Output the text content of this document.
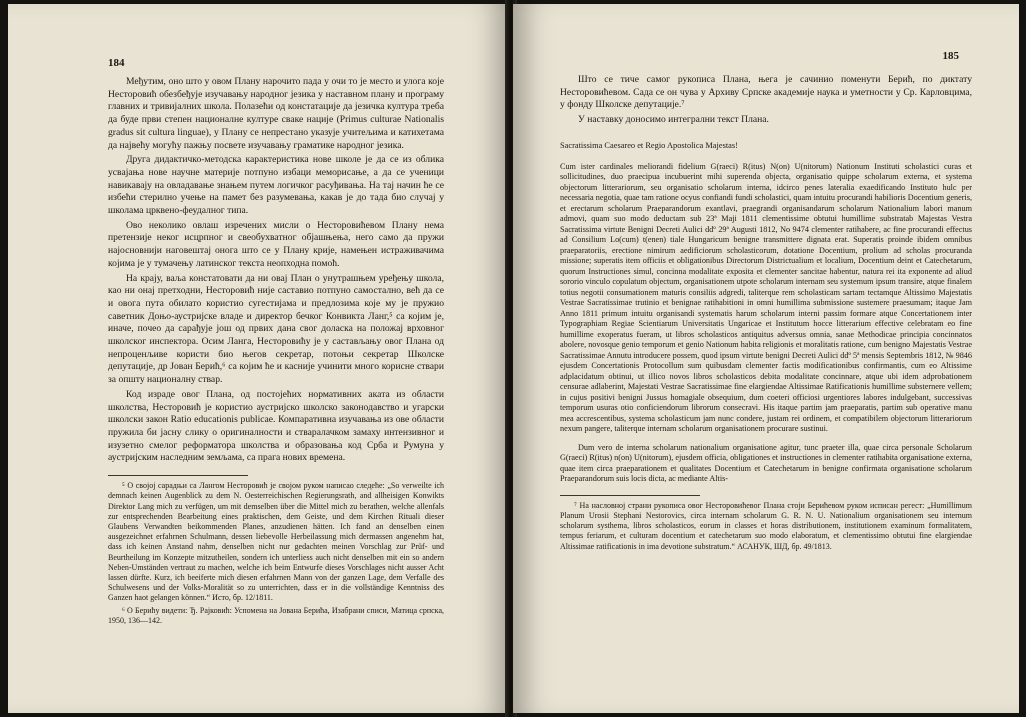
184

Међутим, оно што у овом Плану нарочито пада у очи то је место и улога које Несторовић обезбеђује изучавању народног језика у наставном плану и програму главних и тривијалних школа. Полазећи од констатације да језичка култура треба да буде први степен националне културе сваке нације (Primus culturae Nationalis gradus sit cultura linguae), у Плану се непрестано указује учитељима и катихетама да највећу могућу пажњу посвете изучавању граматике народног језика.

Друга дидактичко-методска карактеристика нове школе је да се из облика усвајања нове научне материје потпуно избаци меморисање, а да се ученици навикавају на овладавање знањем путем логичког расуђивања. На тај начин ће се избећи стерилно учење на памет без разумевања, какав је до тада био случај у школама црквено-феудалног типа.

Ово неколико овлаш изречених мисли о Несторовићевом Плану нема претензије неког исцрпног и свеобухватног објашњења, него само да пружи најосновнији наговештај онога што се у Плану крије, намењен истраживачима којима је у тумачењу латинског текста неопходна помоћ.

На крају, ваља констатовати да ни овај План о унутрашњем уређењу школа, као ни онај претходни, Несторовић није саставио потпуно самостално, већ да се и овога пута обилато користио сугестијама и предлозима које му је пружио саветник Доњо-аустријске владе и директор бечког Конвикта Ланг,⁵ са којим је, иначе, почео да сарађује још од првих дана свог доласка на положај врховног школског инспектора. Осим Ланга, Несторовићу је у састављању овог Плана од непроценљиве користи био његов секретар, потоњи секретар Школске депутације, др Јован Берић,⁶ са којим ће и касније учинити много корисне ствари за општу националну ствар.

Код израде овог Плана, од постојећих нормативних аката из области школства, Несторовић је користио аустријско школско законодавство и угарски школски закон Ratio educationis publicae. Компаративна изучавања из ове области пружила би јасну слику о оригиналности и стваралачком замаху интензивног и изузетно смелог реформатора школства и образовања код Срба и Румуна у аустријским наследним земљама, са прага нових времена.

⁵ О својој сарадњи са Лангом Несторовић је својом руком написао следеће: „So verweilte ich demnach keinen Augenblick zu dem N. Oesterreichischen Regierungsrath, and allheisigen Konwikts Direktor Lang mich zu verfügen, um mit demselben über die Mittel mich zu berathen, welche allenfals zur entsprechenden Bearbeitung eines praktischen, dem Geiste, und dem Kirchen Rituali dieser Glaubens Verwandten beikommenden Planes, anzudienen hätten. Ich fand an denselben einen ausgezeichnet erfahrnen Schulmann, dessen liebevolle Herbeilassung mich dermassen angenehm hat, dass ich keinen Anstand nahm, denselben nicht nur gedachten meinen Vorschlag zur Prüf- und Beurtheilung im Konzepte mitzutheilen, sondern ich unterliess auch nicht denselben mit ein so andern Neben-Umständen vertraut zu machen, welche ich beim Entwurfe dieses Vorschlages nicht ausser Acht lassen dürfte. Kurz, ich beeiferte mich diesen erfahrnen Mann von der ganzen Lage, dem Verfalle des Schulwesens und der Volks-Moralität so zu unterrichten, dass er in die vollständige Kenntniss des Ganzen haot gelangen können.“ Исто, бр. 12/1811.

⁶ О Берићу видети: Ђ. Рајковић: Успомена на Јована Берића, Изабрани списи, Матица српска, 1950, 136—142.

185

Што се тиче самог рукописа Плана, њега је сачинио поменути Берић, по диктату Несторовићевом. Сада се он чува у Архиву Српске академије наука и уметности у Ср. Карловцима, у фонду Школске депутације.⁷

У наставку доносимо интегрални текст Плана.

Sacratissima Caesareo et Regio Apostolica Majestas!

Cum ister cardinales meliorandi fidelium G(raeci) R(itus) N(on) U(nitorum) Nationum Instituti scholastici curas et sollicitudines, duo praecipua incubuerint mihi superenda objecta, organisatio quippe scholarum externa, et systema objectorum litterariorum, seu organisatio scholarum interna, idcirco penes lateralia exaedificando Instituto hulc per necessaria negotia, quae tam ratione ocyus confiandi fundi scholastici, quam intuitu procurandi habilioris Docentium generis, et erectarum scholarum Praeparandorum exantlavi, praegrandi organisandarum scholarum Nationalium labori manum admovi, quam suo modo deductam sub 23ª Maji 1811 clementissime obtutui humillime substratab Majestas Vestra Sacratissima virtute Benigni Decreti Aulici ddº 29ª Augusti 1812, No 9474 clementer ratihabere, ac fine procurandi effectus ad Consilium Lo(cum) t(enen) tiale Hungaricum benigne transmittere dignata erat. Superatis proinde ibidem omnibus praeparatoriis, erectione nimirum aedificiorum scholasticorum, dotatione Docentium, prolium ad scholas procuranda missione; superatis item officiis et obligationibus Directorum Districtualium et localium, Docentium deint et Catechetarum, quorum Instructiones simul, concinna modalitate exposita et clementer sancitae habentur, natura rei ita exponente ad aliud sororio vinculo copulatum objectum, organisationem utpote scholarum internam seu systemum ipsum transire, atque finalem totius negotii consumationem maturis consiliis adgredi, taliterque rem scholasticam sartam tectamque Altissimo Majestatis Vestrae Sacratissimae trutinio et benignae ratihabitioni in omni humillima submissione sustemere praesumam; itaque Jam Anno 1811 primum intuitu organisandi systematis harum scholarum interni passim formare atque Concertationem inter Typographiam Regiae Scientiarum Universitatis Ungaricae et Institutum hocce litterarium effective celebratam eo fine humillime exoperatus fueram, ut libros scholasticos antiquitus adversus omnia, sanae Methodicae principia concinnatos abolere, novosque genio temporum et genio Nationum habita religionis et moralitatis ratione, cum benigno Majestatis Vestrae Sacratissimae Annutu introducere possem, quod ipsum virtute benigni Decreti Aulici ddº 5ª mensis Septembris 1812, № 9846 ejusdem Concertationis Protocollum sum quibusdam clementer factis modificationibus confirmantis, cum eo Altissime adplacidatum obtinui, ut illico novos libros scholasticos debita modalitate concinnare, atque ubi idem adprobationem censurae adlaberint, Majestati Vestrae Sacratissimae fine elargiendae Altissimae Ratificationis humillime substernere vellem; in cujus positivi benigni Jussus homagiale obsequium, dum coeteri officiosi urgentiores labores indulgebant, successivas temporum usuras otio conficiendorum librorum consecravi. His itaque partim jam praeparatis, partim sub operative manu mea accrescentibus, systema scholasticum jam nunc condere, justam rei ordinem, et compatibilem objectorum litterariorum nexum pangere, taliterque internam scholarum organisationem procurare sustinui.

Dum vero de interna scholarum nationalium organisatione agitur, tunc praeter illa, quae circa personale Scholarum G(raeci) R(itus) n(on) U(nitorum), ejusdem officia, obligationes et instructiones in clementer ratihabita organisatione externa, quae item circa praeparationem et qualitates Docentium et Catechetarum in benigne confirmata organisatione scholarum Praeparandorum suis locis dicta, ac mediante Altis-

⁷ На насловној страни рукописа овог Несторовићевог Плана стоји Берићевом руком исписан регест: „Humillimum Planum Urosii Stephani Nestorovics, circa internam scholarum G. R. N. U. Nationalium organisationem seu internum scholarum systhema, libros scholasticos, eorum in classes et horas distributionem, institutionem examinum formalitatem, tempus feriarum, et culturam docentium et catechetarum suo modo elaboratum, et clementissimo obtutui fine elargiendae Altissimae ratificationis in ima devotione substratum.“ АСАНУК, ШД, бр. 49/1813.
